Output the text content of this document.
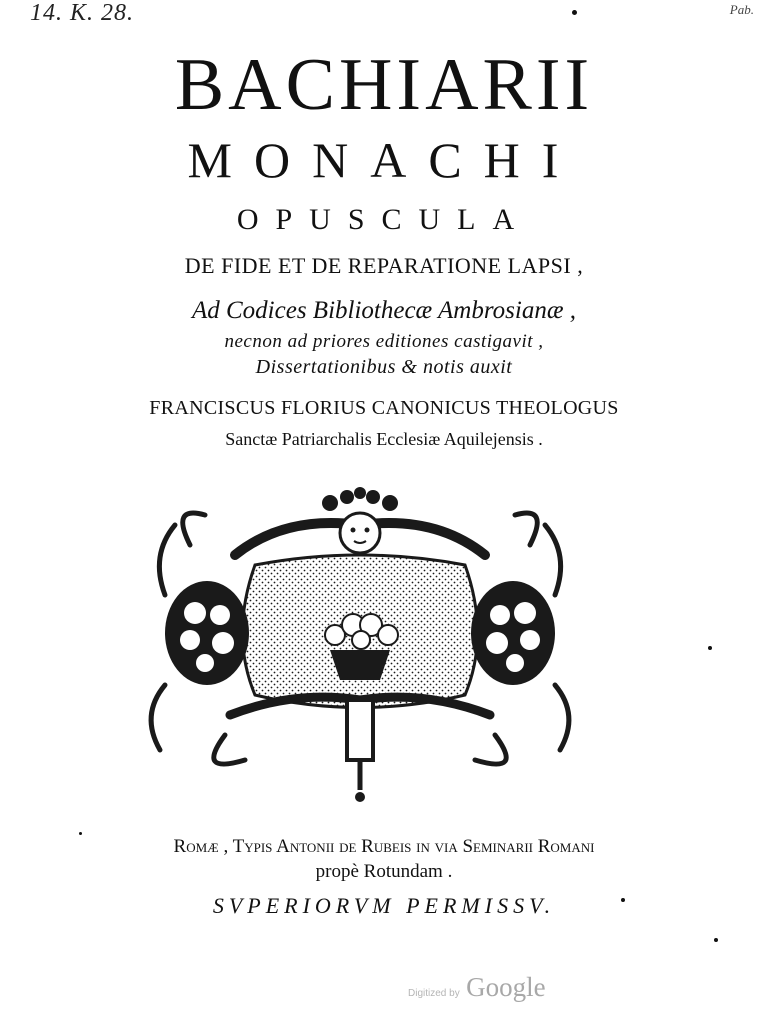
14. K. 28.	Pab.
BACHIARII
MONACHI
OPUSCULA
DE FIDE ET DE REPARATIONE LAPSI ,
Ad Codices Bibliothecæ Ambrosianæ ,
necnon ad priores editiones castigavit ,
Dissertationibus & notis auxit
FRANCISCUS FLORIUS CANONICUS THEOLOGUS
Sanctæ Patriarchalis Ecclesiæ Aquilejensis .
Romæ , Typis Antonii de Rubeis in via Seminarii Romani
propè Rotundam .
SVPERIORVM PERMISSV.
Digitized by Google
